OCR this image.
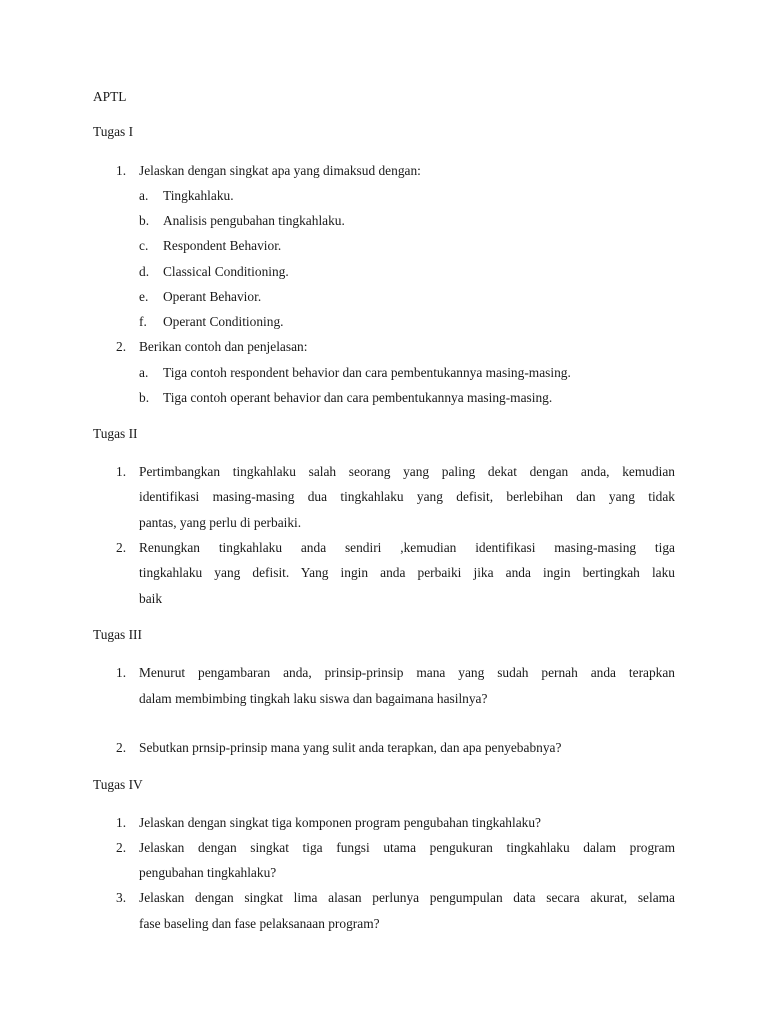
APTL
Tugas I
1. Jelaskan dengan singkat apa yang dimaksud dengan:
a. Tingkahlaku.
b. Analisis pengubahan tingkahlaku.
c. Respondent Behavior.
d. Classical Conditioning.
e. Operant Behavior.
f. Operant Conditioning.
2. Berikan contoh dan penjelasan:
a. Tiga contoh respondent behavior dan cara pembentukannya masing-masing.
b. Tiga contoh operant behavior dan cara pembentukannya masing-masing.
Tugas II
1. Pertimbangkan tingkahlaku salah seorang yang paling dekat dengan anda, kemudian
identifikasi masing-masing dua tingkahlaku yang defisit, berlebihan dan yang tidak
pantas, yang perlu di perbaiki.
2. Renungkan tingkahlaku anda sendiri ,kemudian identifikasi masing-masing tiga
tingkahlaku yang defisit. Yang ingin anda perbaiki jika anda ingin bertingkah laku
baik
Tugas III
1. Menurut pengambaran anda, prinsip-prinsip mana yang sudah pernah anda terapkan
dalam membimbing tingkah laku siswa dan bagaimana hasilnya?
2. Sebutkan prnsip-prinsip mana yang sulit anda terapkan, dan apa penyebabnya?
Tugas IV
1. Jelaskan dengan singkat tiga komponen program pengubahan tingkahlaku?
2. Jelaskan dengan singkat tiga fungsi utama pengukuran tingkahlaku dalam program
pengubahan tingkahlaku?
3. Jelaskan dengan singkat lima alasan perlunya pengumpulan data secara akurat, selama
fase baseling dan fase pelaksanaan program?
